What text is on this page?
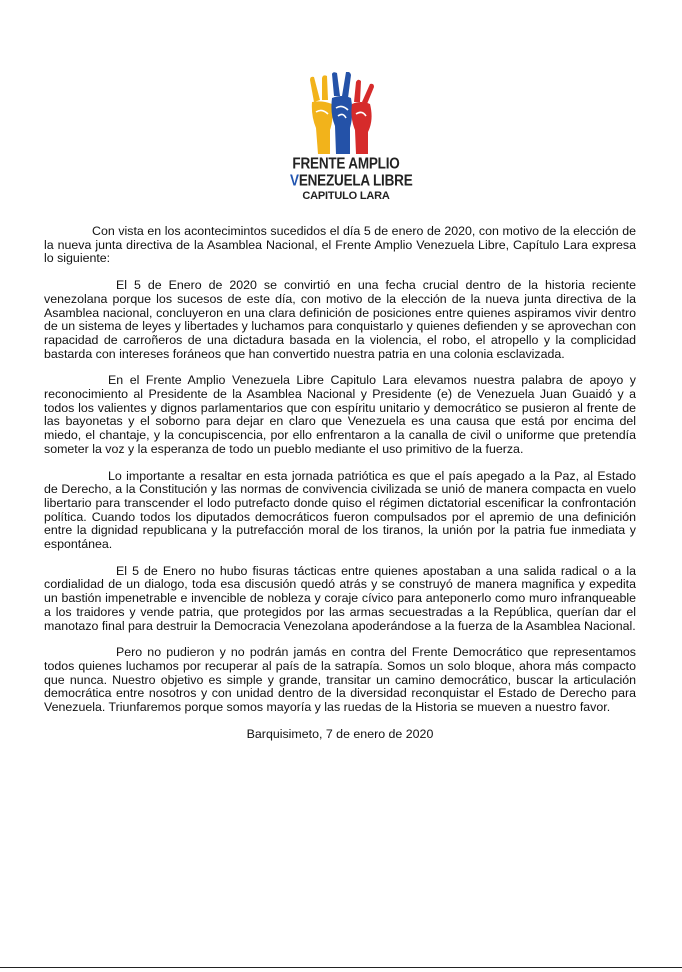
FRENTE AMPLIO
VENEZUELA LIBRE
CAPITULO LARA

Con vista en los acontecimintos sucedidos el día 5 de enero de 2020, con motivo de la elección de la nueva junta directiva de la Asamblea Nacional, el Frente Amplio Venezuela Libre, Capítulo Lara expresa lo siguiente:

El 5 de Enero de 2020 se convirtió en una fecha crucial dentro de la historia reciente venezolana porque los sucesos de este día, con motivo de la elección de la nueva junta directiva de la Asamblea nacional, concluyeron en una clara definición de posiciones entre quienes aspiramos vivir dentro de un sistema de leyes y libertades y luchamos para conquistarlo y quienes defienden y se aprovechan con rapacidad de carroñeros de una dictadura basada en la violencia, el robo, el atropello y la complicidad bastarda con intereses foráneos que han convertido nuestra patria en una colonia esclavizada.

En el Frente Amplio Venezuela Libre Capitulo Lara elevamos nuestra palabra de apoyo y reconocimiento al Presidente de la Asamblea Nacional y Presidente (e) de Venezuela Juan Guaidó y a todos los valientes y dignos parlamentarios que con espíritu unitario y democrático se pusieron al frente de las bayonetas y el soborno para dejar en claro que Venezuela es una causa que está por encima del miedo, el chantaje, y la concupiscencia, por ello enfrentaron a la canalla de civil o uniforme que pretendía someter la voz y la esperanza de todo un pueblo mediante el uso primitivo de la fuerza.

Lo importante a resaltar en esta jornada patriótica es que el país apegado a la Paz, al Estado de Derecho, a la Constitución y las normas de convivencia civilizada se unió de manera compacta en vuelo libertario para transcender el lodo putrefacto donde quiso el régimen dictatorial escenificar la confrontación política. Cuando todos los diputados democráticos fueron compulsados por el apremio de una definición entre la dignidad republicana y la putrefacción moral de los tiranos, la unión por la patria fue inmediata y espontánea.

El 5 de Enero no hubo fisuras tácticas entre quienes apostaban a una salida radical o a la cordialidad de un dialogo, toda esa discusión quedó atrás y se construyó de manera magnifica y expedita un bastión impenetrable e invencible de nobleza y coraje cívico para anteponerlo como muro infranqueable a los traidores y vende patria, que protegidos por las armas secuestradas a la República, querían dar el manotazo final para destruir la Democracia Venezolana apoderándose a la fuerza de la Asamblea Nacional.

Pero no pudieron y no podrán jamás en contra del Frente Democrático que representamos todos quienes luchamos por recuperar al país de la satrapía. Somos un solo bloque, ahora más compacto que nunca. Nuestro objetivo es simple y grande, transitar un camino democrático, buscar la articulación democrática entre nosotros y con unidad dentro de la diversidad reconquistar el Estado de Derecho para Venezuela. Triunfaremos porque somos mayoría y las ruedas de la Historia se mueven a nuestro favor.

Barquisimeto, 7 de enero de 2020
